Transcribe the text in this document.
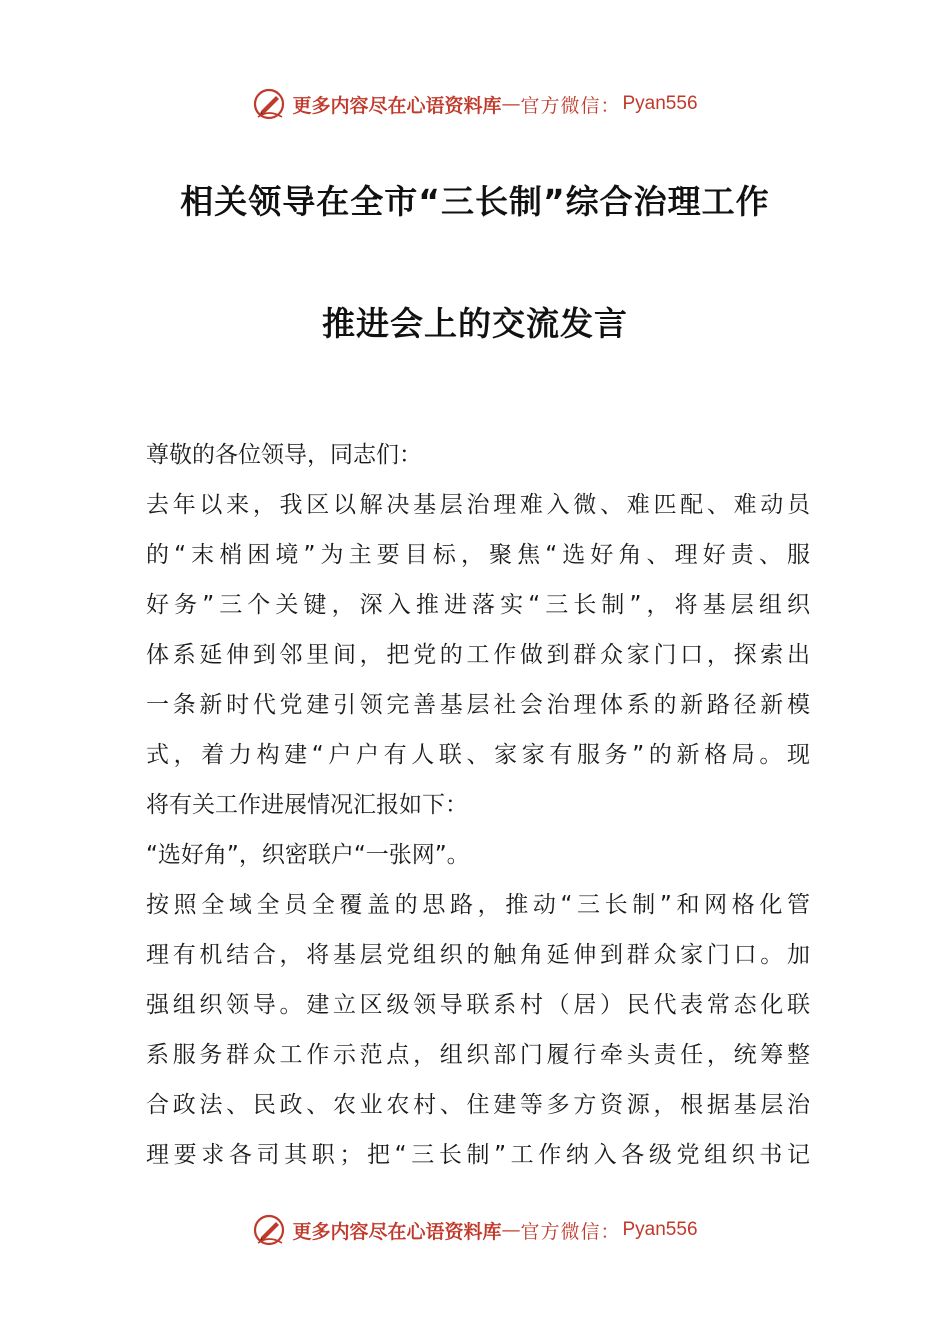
更多内容尽在心语资料库 — 官方微信： Pyan556
相关领导在全市“三长制”综合治理工作
推进会上的交流发言
尊敬的各位领导，同志们：
去年以来，我区以解决基层治理难入微、难匹配、难动员
的“末梢困境”为主要目标，聚焦“选好角、理好责、服
好务”三个关键，深入推进落实“三长制”，将基层组织
体系延伸到邻里间，把党的工作做到群众家门口，探索出
一条新时代党建引领完善基层社会治理体系的新路径新模
式，着力构建“户户有人联、家家有服务”的新格局。现
将有关工作进展情况汇报如下：
“选好角”，织密联户“一张网”。
按照全域全员全覆盖的思路，推动“三长制”和网格化管
理有机结合，将基层党组织的触角延伸到群众家门口。加
强组织领导。建立区级领导联系村（居）民代表常态化联
系服务群众工作示范点，组织部门履行牵头责任，统筹整
合政法、民政、农业农村、住建等多方资源，根据基层治
理要求各司其职；把“三长制”工作纳入各级党组织书记
更多内容尽在心语资料库 — 官方微信： Pyan556
